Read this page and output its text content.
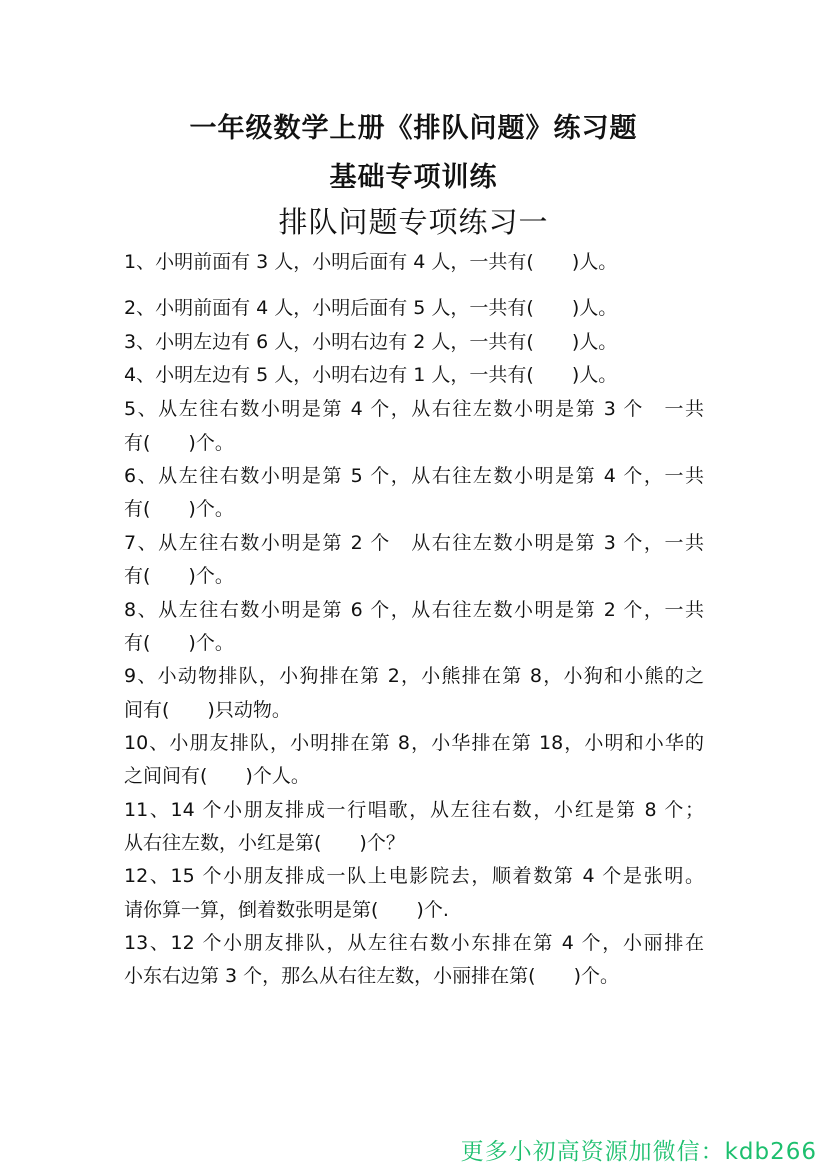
一年级数学上册《排队问题》练习题
基础专项训练
排队问题专项练习一
1、小明前面有 3 人，小明后面有 4 人，一共有(　　)人。
2、小明前面有 4 人，小明后面有 5 人，一共有(　　)人。
3、小明左边有 6 人，小明右边有 2 人，一共有(　　)人。
4、小明左边有 5 人，小明右边有 1 人，一共有(　　)人。
5、从左往右数小明是第 4 个，从右往左数小明是第 3 个　一共
有(　　)个。
6、从左往右数小明是第 5 个，从右往左数小明是第 4 个，一共
有(　　)个。
7、从左往右数小明是第 2 个　从右往左数小明是第 3 个，一共
有(　　)个。
8、从左往右数小明是第 6 个，从右往左数小明是第 2 个，一共
有(　　)个。
9、小动物排队，小狗排在第 2，小熊排在第 8，小狗和小熊的之
间有(　　)只动物。
10、小朋友排队，小明排在第 8，小华排在第 18，小明和小华的
之间间有(　　)个人。
11、14 个小朋友排成一行唱歌，从左往右数，小红是第 8 个；
从右往左数，小红是第(　　)个？
12、15 个小朋友排成一队上电影院去，顺着数第 4 个是张明。
请你算一算，倒着数张明是第(　　)个.
13、12 个小朋友排队，从左往右数小东排在第 4 个，小丽排在
小东右边第 3 个，那么从右往左数，小丽排在第(　　)个。
更多小初高资源加微信：kdb266
